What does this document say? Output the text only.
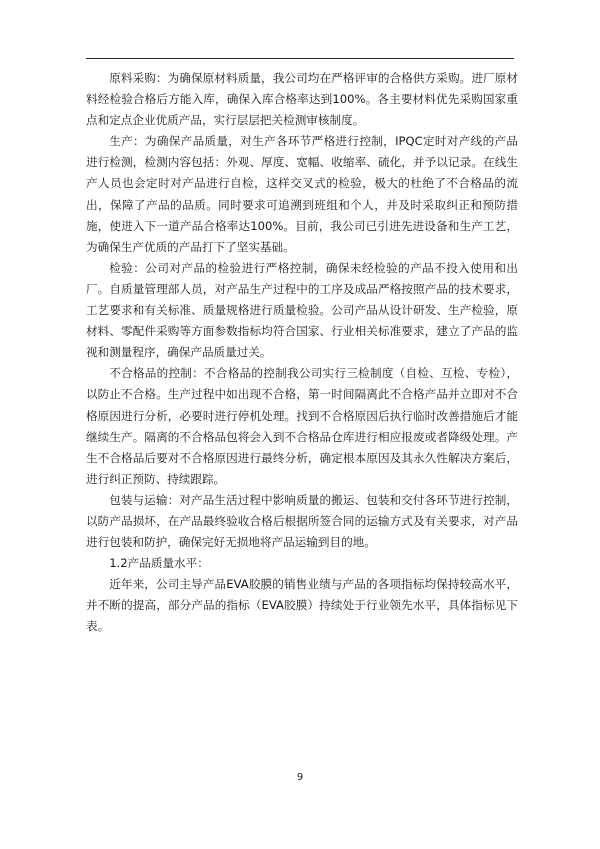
原料采购：为确保原材料质量，我公司均在严格评审的合格供方采购。进厂原材料经检验合格后方能入库，确保入库合格率达到100%。各主要材料优先采购国家重点和定点企业优质产品，实行层层把关检测审核制度。

生产：为确保产品质量，对生产各环节严格进行控制，IPQC定时对产线的产品进行检测，检测内容包括：外观、厚度、宽幅、收缩率、硫化，并予以记录。在线生产人员也会定时对产品进行自检，这样交叉式的检验，极大的杜绝了不合格品的流出，保障了产品的品质。同时要求可追溯到班组和个人，并及时采取纠正和预防措施，使进入下一道产品合格率达100%。目前，我公司已引进先进设备和生产工艺，为确保生产优质的产品打下了坚实基础。

检验：公司对产品的检验进行严格控制，确保未经检验的产品不投入使用和出厂。自质量管理部人员，对产品生产过程中的工序及成品严格按照产品的技术要求，工艺要求和有关标准、质量规格进行质量检验。公司产品从设计研发、生产检验，原材料、零配件采购等方面参数指标均符合国家、行业相关标准要求，建立了产品的监视和测量程序，确保产品质量过关。

不合格品的控制：不合格品的控制我公司实行三检制度（自检、互检、专检），以防止不合格。生产过程中如出现不合格，第一时间隔离此不合格产品并立即对不合格原因进行分析，必要时进行停机处理。找到不合格原因后执行临时改善措施后才能继续生产。隔离的不合格品包将会入到不合格品仓库进行相应报废或者降级处理。产生不合格品后要对不合格原因进行最终分析，确定根本原因及其永久性解决方案后，进行纠正预防、持续跟踪。

包装与运输：对产品生活过程中影响质量的搬运、包装和交付各环节进行控制，以防产品损坏，在产品最终验收合格后根据所签合同的运输方式及有关要求，对产品进行包装和防护，确保完好无损地将产品运输到目的地。

1.2产品质量水平：

近年来，公司主导产品EVA胶膜的销售业绩与产品的各项指标均保持较高水平，并不断的提高，部分产品的指标（EVA胶膜）持续处于行业领先水平，具体指标见下表。

9
